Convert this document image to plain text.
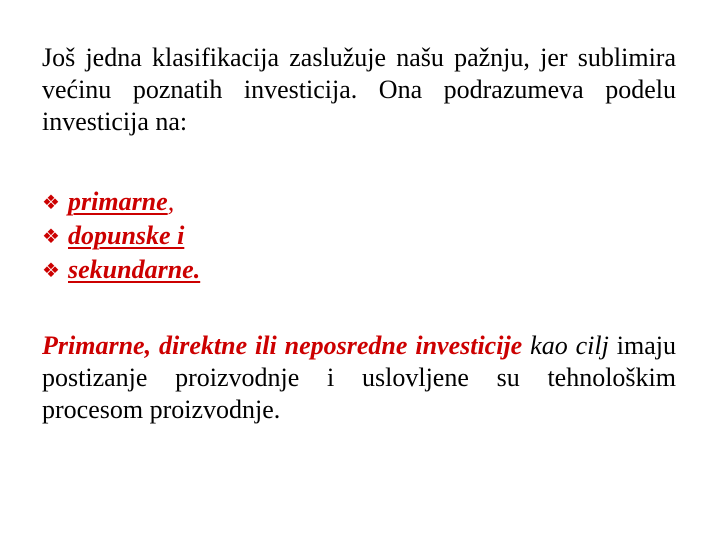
Još jedna klasifikacija zaslužuje našu pažnju, jer sublimira većinu poznatih investicija. Ona podrazumeva podelu investicija na:

❖ primarne ,
❖ dopunske i
❖ sekundarne.

Primarne, direktne ili neposredne investicije kao cilj imaju postizanje proizvodnje i uslovljene su tehnološkim procesom proizvodnje.
